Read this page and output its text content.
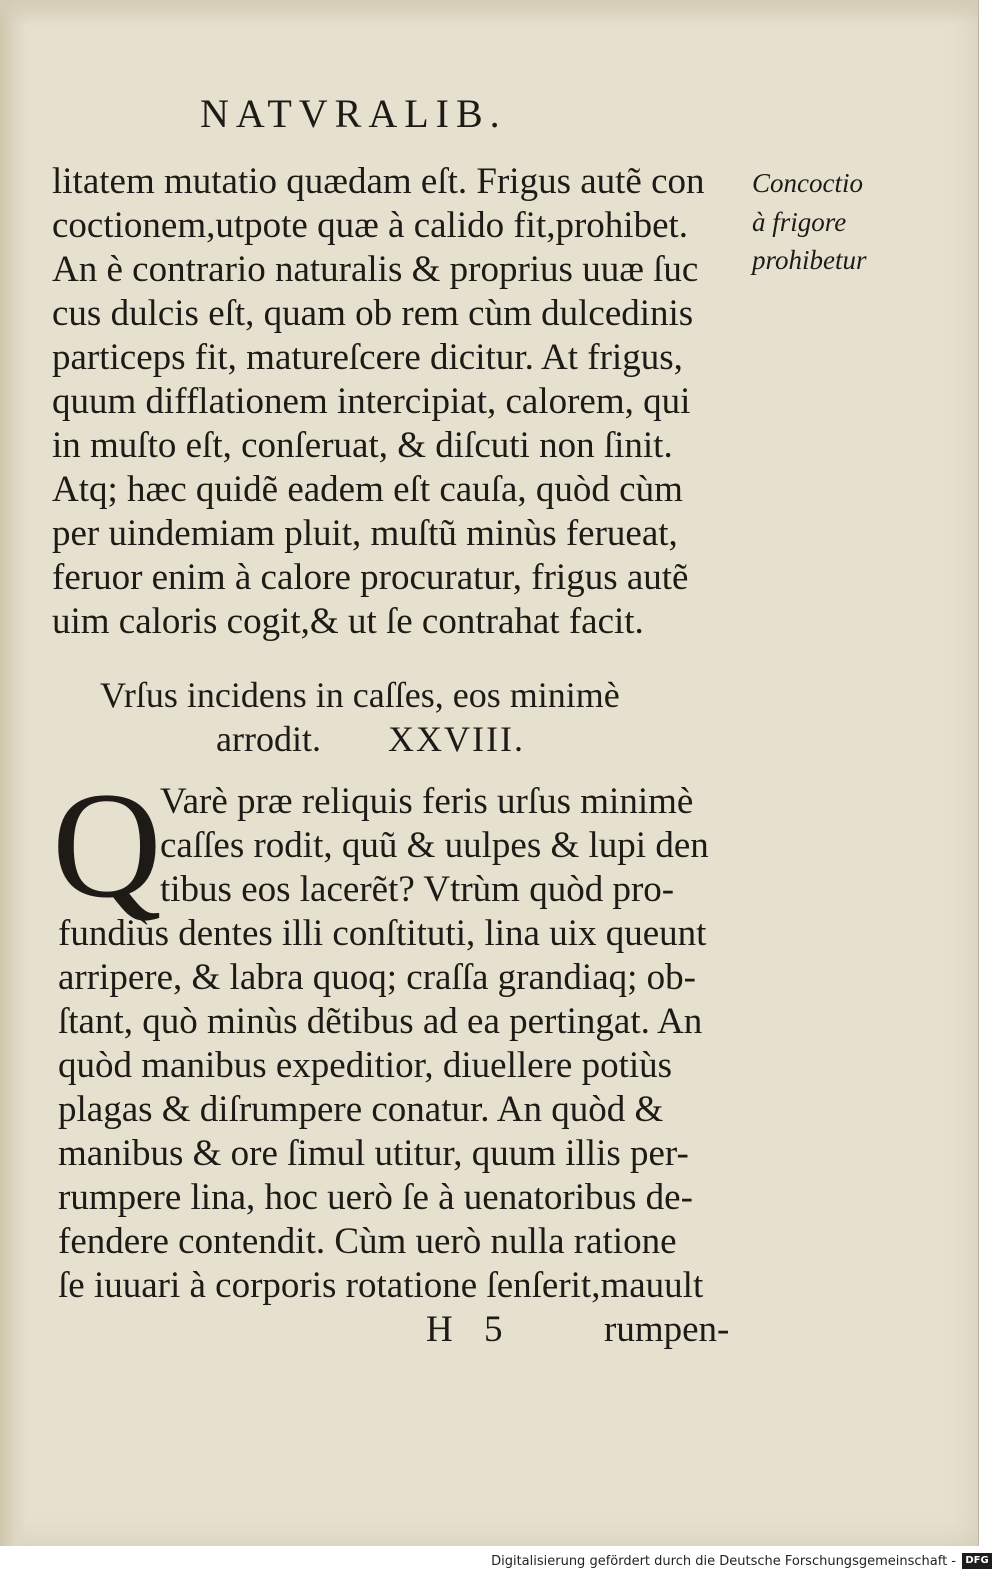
NATVRALIB.
litatem mutatio quædam eſt. Frigus autẽ con
coctionem,utpote quæ à calido fit,prohibet.
An è contrario naturalis & proprius uuæ ſuc
cus dulcis eſt, quam ob rem cùm dulcedinis
particeps fit, matureſcere dicitur. At frigus,
quum difflationem intercipiat, calorem, qui
in muſto eſt, conſeruat, & diſcuti non ſinit.
Atq; hæc quidẽ eadem eſt cauſa, quòd cùm
per uindemiam pluit, muſtũ minùs ferueat,
feruor enim à calore procuratur, frigus autẽ
uim caloris cogit,& ut ſe contrahat facit.
Concoctio
à frigore
prohibetur
Vrſus incidens in caſſes, eos minimè
arrodit. XXVIII.
Q
Varè præ reliquis feris urſus minimè
caſſes rodit, quũ & uulpes & lupi den
tibus eos lacerẽt? Vtrùm quòd pro-
fundiùs dentes illi conſtituti, lina uix queunt
arripere, & labra quoq; craſſa grandiaq; ob-
ſtant, quò minùs dẽtibus ad ea pertingat. An
quòd manibus expeditior, diuellere potiùs
plagas & diſrumpere conatur. An quòd &
manibus & ore ſimul utitur, quum illis per-
rumpere lina, hoc uerò ſe à uenatoribus de-
fendere contendit. Cùm uerò nulla ratione
ſe iuuari à corporis rotatione ſenſerit,mauult
H 5	rumpen-
Digitalisierung gefördert durch die Deutsche Forschungsgemeinschaft - DFG
